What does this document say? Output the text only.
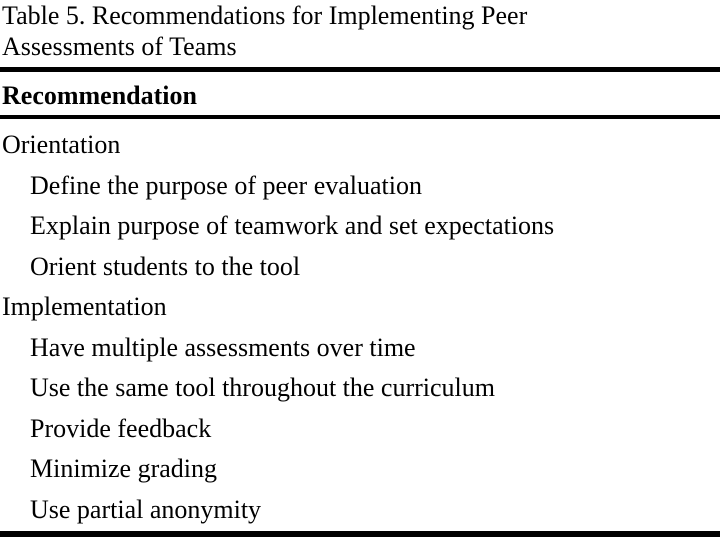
Table 5. Recommendations for Implementing Peer
Assessments of Teams
Recommendation
Orientation
Define the purpose of peer evaluation
Explain purpose of teamwork and set expectations
Orient students to the tool
Implementation
Have multiple assessments over time
Use the same tool throughout the curriculum
Provide feedback
Minimize grading
Use partial anonymity
